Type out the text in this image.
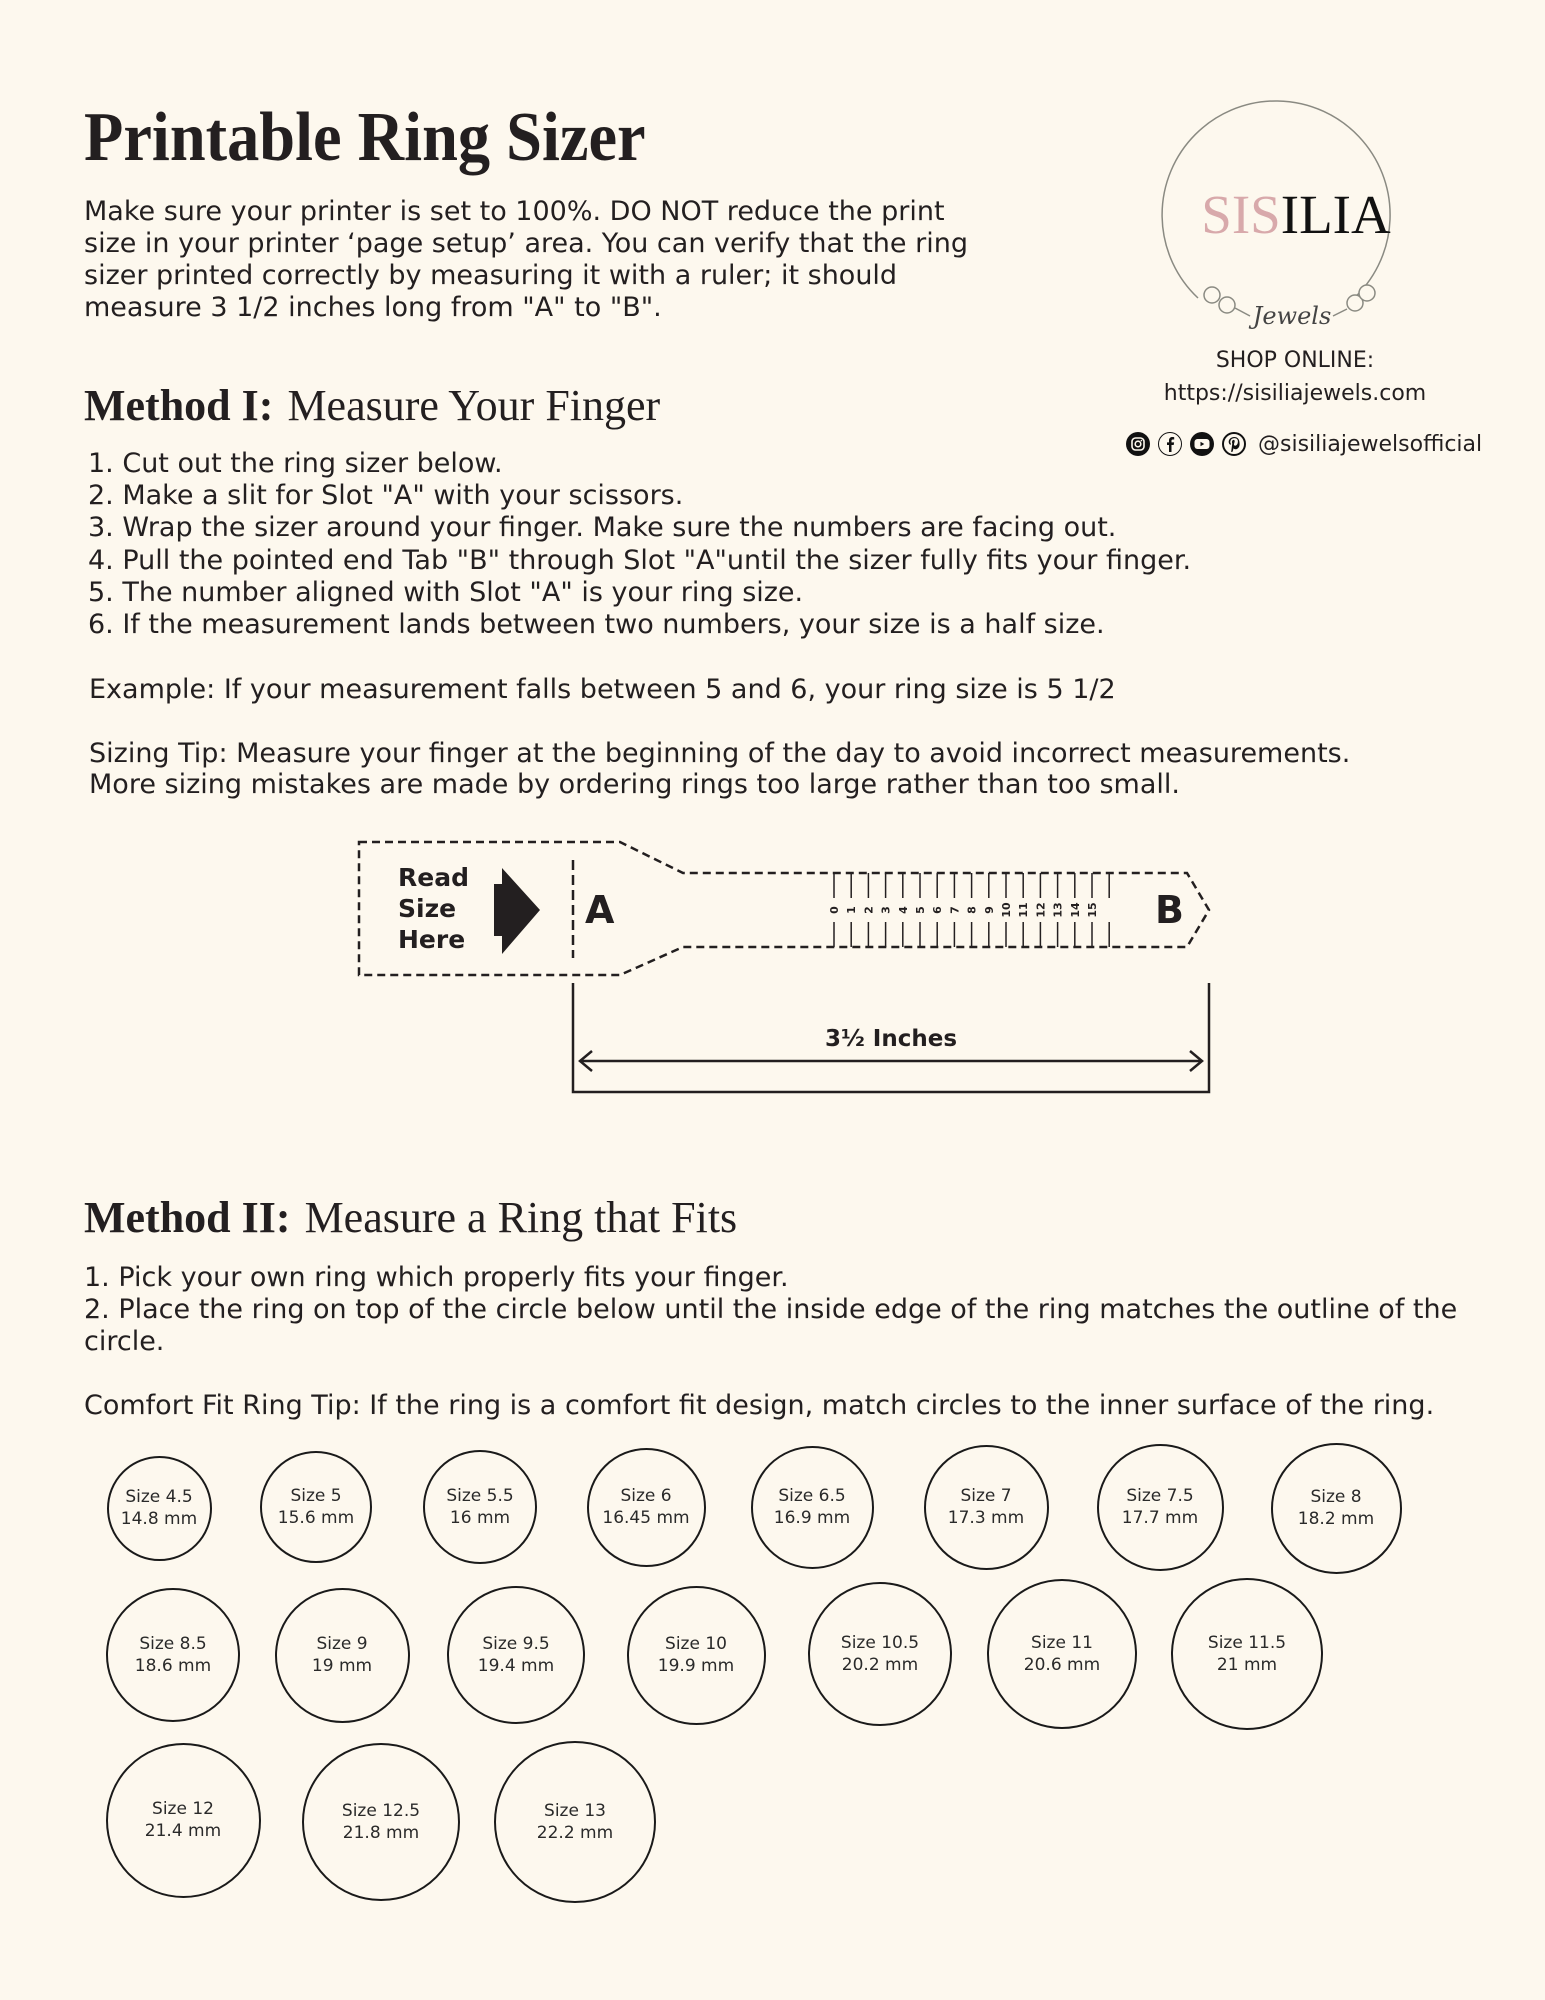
Printable Ring Sizer
Make sure your printer is set to 100%. DO NOT reduce the print
size in your printer ‘page setup’ area. You can verify that the ring
sizer printed correctly by measuring it with a ruler; it should
measure 3 1/2 inches long from "A" to "B".
SISILIA
Jewels
SHOP ONLINE:
https://sisiliajewels.com
@sisiliajewelsofficial
Method I: Measure Your Finger
1. Cut out the ring sizer below.
2. Make a slit for Slot "A" with your scissors.
3. Wrap the sizer around your finger. Make sure the numbers are facing out.
4. Pull the pointed end Tab "B" through Slot "A"until the sizer fully fits your finger.
5. The number aligned with Slot "A" is your ring size.
6. If the measurement lands between two numbers, your size is a half size.
Example: If your measurement falls between 5 and 6, your ring size is 5 1/2
Sizing Tip: Measure your finger at the beginning of the day to avoid incorrect measurements.
More sizing mistakes are made by ordering rings too large rather than too small.
Read
Size
Here
A	B
0 1 2 3 4 5 6 7 8 9 10 11 12 13 14 15
3½ Inches
Method II: Measure a Ring that Fits
1. Pick your own ring which properly fits your finger.
2. Place the ring on top of the circle below until the inside edge of the ring matches the outline of the
circle.
Comfort Fit Ring Tip: If the ring is a comfort fit design, match circles to the inner surface of the ring.
Size 4.5
14.8 mm
Size 5
15.6 mm
Size 5.5
16 mm
Size 6
16.45 mm
Size 6.5
16.9 mm
Size 7
17.3 mm
Size 7.5
17.7 mm
Size 8
18.2 mm
Size 8.5
18.6 mm
Size 9
19 mm
Size 9.5
19.4 mm
Size 10
19.9 mm
Size 10.5
20.2 mm
Size 11
20.6 mm
Size 11.5
21 mm
Size 12
21.4 mm
Size 12.5
21.8 mm
Size 13
22.2 mm
